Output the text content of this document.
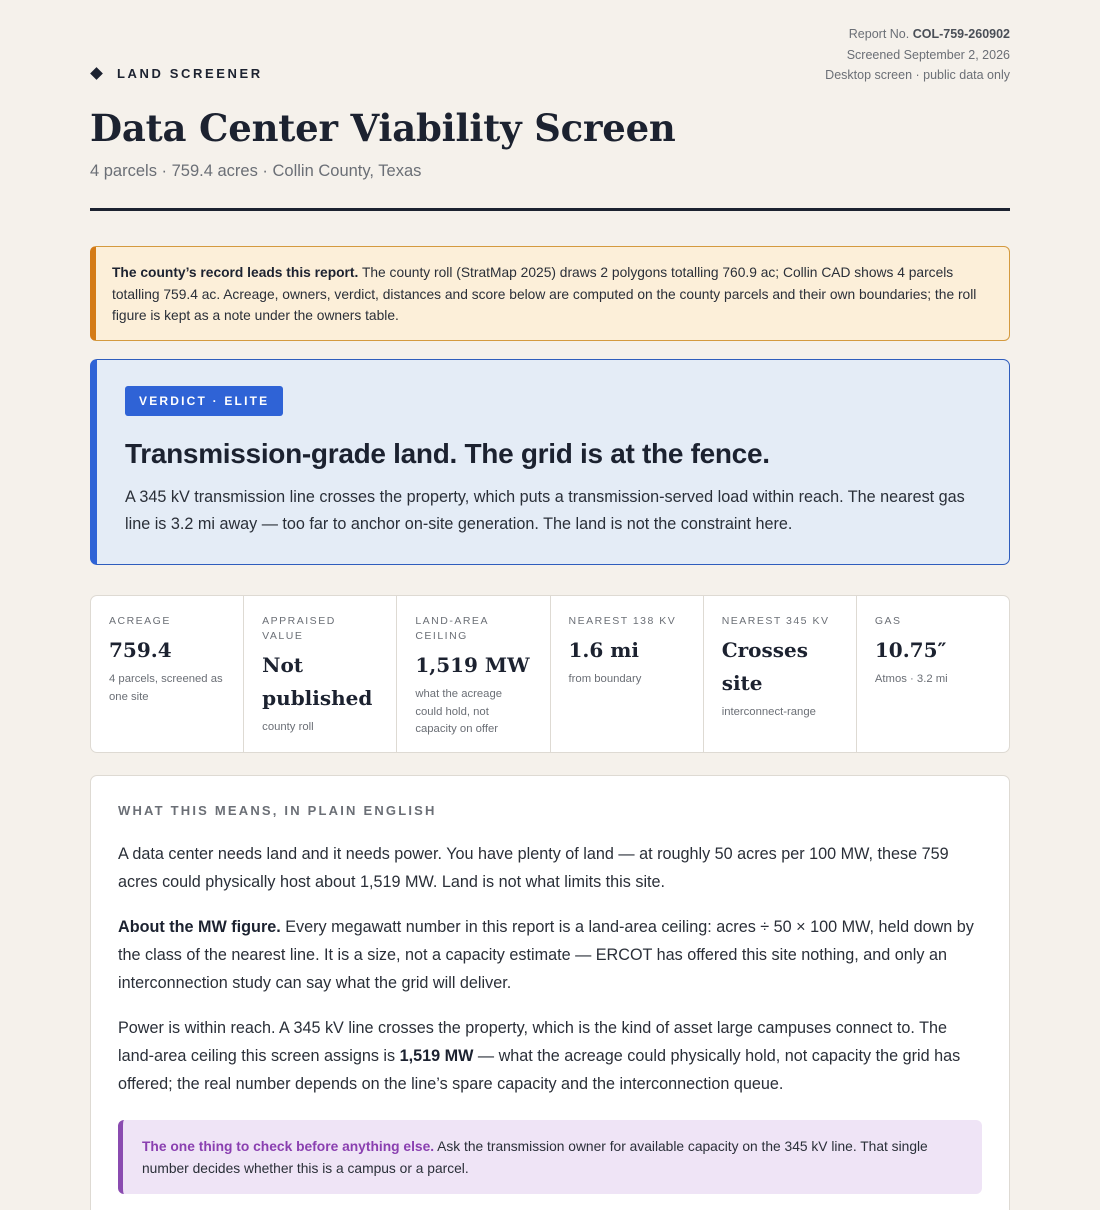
Report No. COL-759-260902
Screened September 2, 2026
Desktop screen · public data only
LAND SCREENER
Data Center Viability Screen
4 parcels · 759.4 acres · Collin County, Texas
The county’s record leads this report. The county roll (StratMap 2025) draws 2 polygons totalling 760.9 ac; Collin CAD shows 4 parcels totalling 759.4 ac. Acreage, owners, verdict, distances and score below are computed on the county parcels and their own boundaries; the roll figure is kept as a note under the owners table.
VERDICT · ELITE
Transmission-grade land. The grid is at the fence.

A 345 kV transmission line crosses the property, which puts a transmission-served load within reach. The nearest gas line is 3.2 mi away — too far to anchor on-site generation. The land is not the constraint here.

ACREAGE
759.4
4 parcels, screened as one site
APPRAISED VALUE
Not published
county roll
LAND-AREA CEILING
1,519 MW
what the acreage could hold, not capacity on offer
NEAREST 138 KV
1.6 mi
from boundary
NEAREST 345 KV
Crosses site
interconnect-range
GAS
10.75″
Atmos · 3.2 mi
WHAT THIS MEANS, IN PLAIN ENGLISH

A data center needs land and it needs power. You have plenty of land — at roughly 50 acres per 100 MW, these 759 acres could physically host about 1,519 MW. Land is not what limits this site.

About the MW figure. Every megawatt number in this report is a land-area ceiling: acres ÷ 50 × 100 MW, held down by the class of the nearest line. It is a size, not a capacity estimate — ERCOT has offered this site nothing, and only an interconnection study can say what the grid will deliver.

Power is within reach. A 345 kV line crosses the property, which is the kind of asset large campuses connect to. The land-area ceiling this screen assigns is 1,519 MW — what the acreage could physically hold, not capacity the grid has offered; the real number depends on the line’s spare capacity and the interconnection queue.

The one thing to check before anything else. Ask the transmission owner for available capacity on the 345 kV line. That single number decides whether this is a campus or a parcel.
